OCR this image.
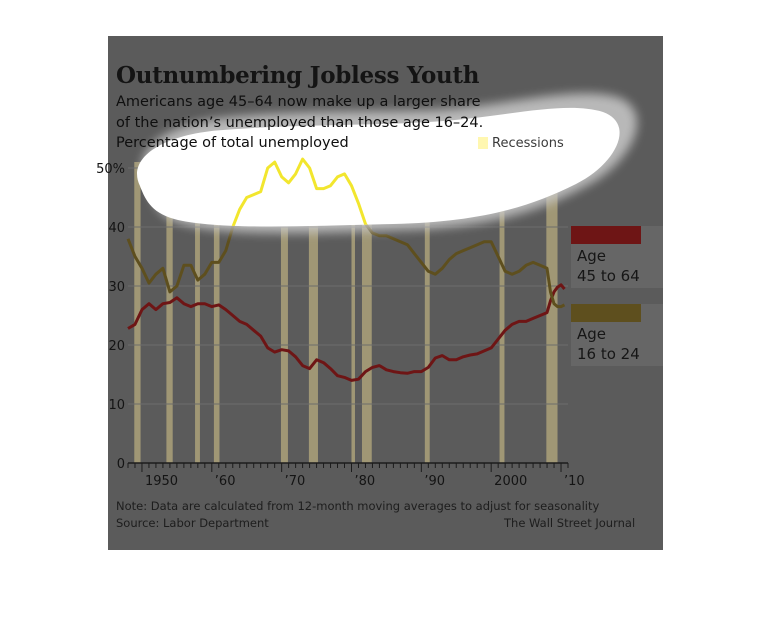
0
10
20
30
40
50%
1950	’60	’70	’80	’90	2000	’10
Outnumbering Jobless Youth
Americans age 45–64 now make up a larger share
of the nation’s unemployed than those age 16–24.
Percentage of total unemployed	Recessions
Age
45 to 64
Age
16 to 24
Note: Data are calculated from 12-month moving averages to adjust for seasonality
Source: Labor Department	The Wall Street Journal
